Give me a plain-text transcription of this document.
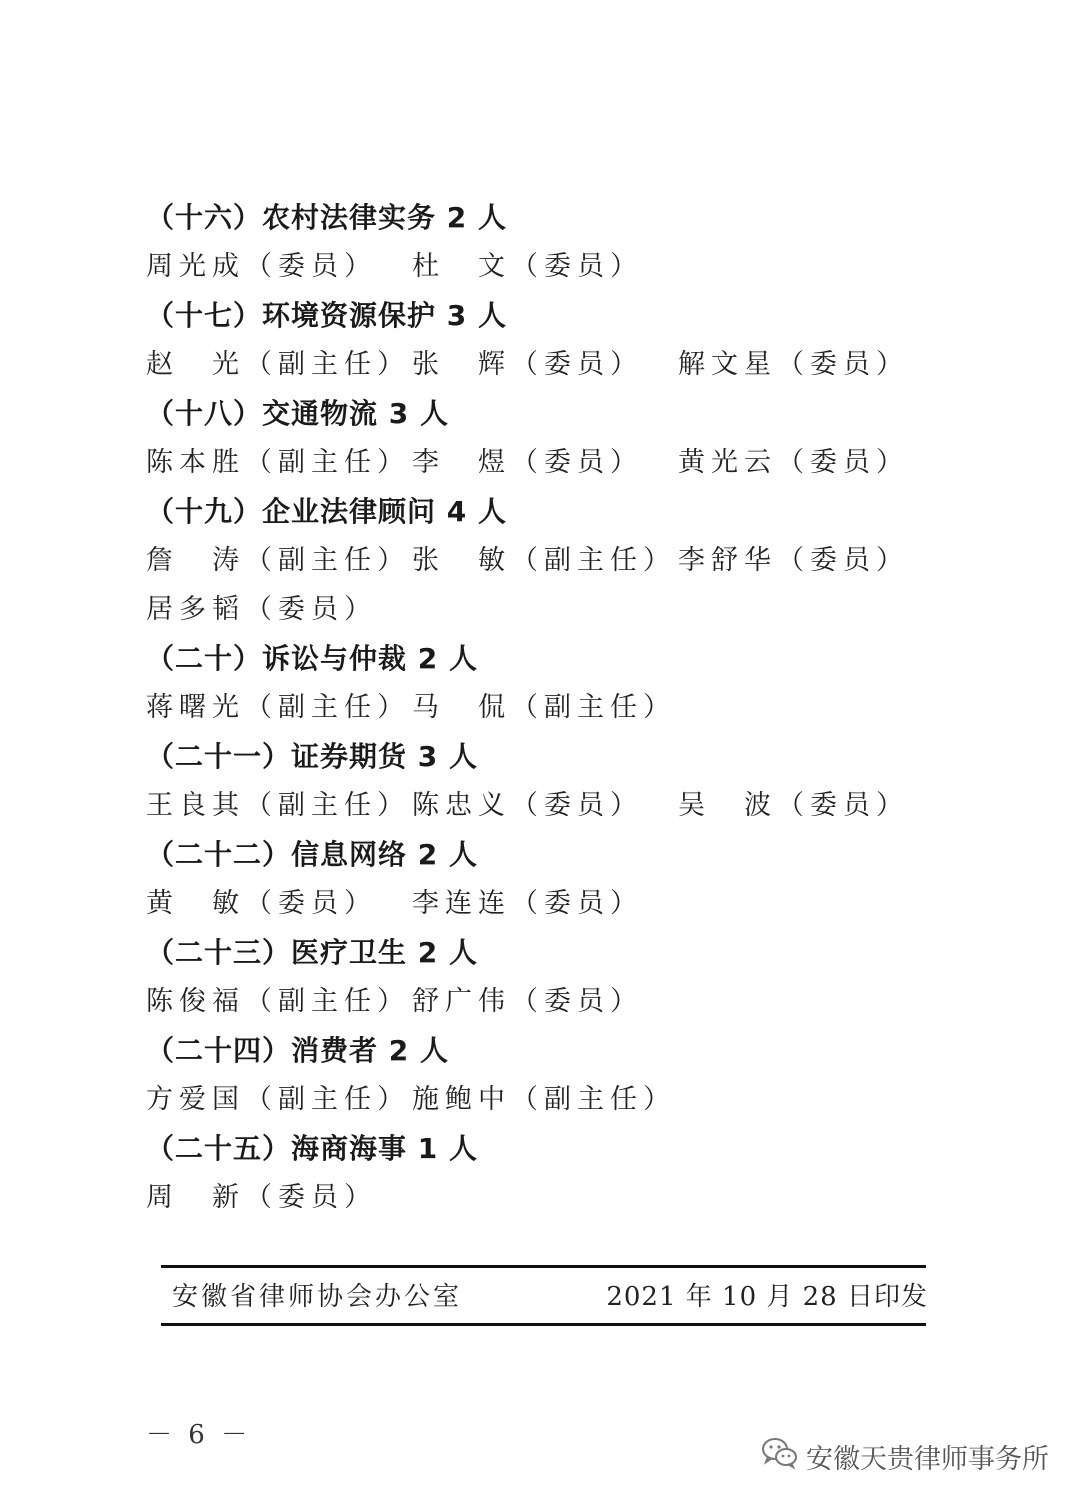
（十六）农村法律实务 2 人
周光成（委员） 杜　文（委员）
（十七）环境资源保护 3 人
赵　光（副主任） 张　辉（委员） 解文星（委员）
（十八）交通物流 3 人
陈本胜（副主任） 李　煜（委员） 黄光云（委员）
（十九）企业法律顾问 4 人
詹　涛（副主任） 张　敏（副主任） 李舒华（委员）
居多韬（委员）
（二十）诉讼与仲裁 2 人
蒋曙光（副主任） 马　侃（副主任）
（二十一）证券期货 3 人
王良其（副主任） 陈忠义（委员） 吴　波（委员）
（二十二）信息网络 2 人
黄　敏（委员） 李连连（委员）
（二十三）医疗卫生 2 人
陈俊福（副主任） 舒广伟（委员）
（二十四）消费者 2 人
方爱国（副主任） 施鲍中（副主任）
（二十五）海商海事 1 人
周　新（委员）
安徽省律师协会办公室	2021 年 10 月 28 日印发
－ 6 －
安徽天贵律师事务所
